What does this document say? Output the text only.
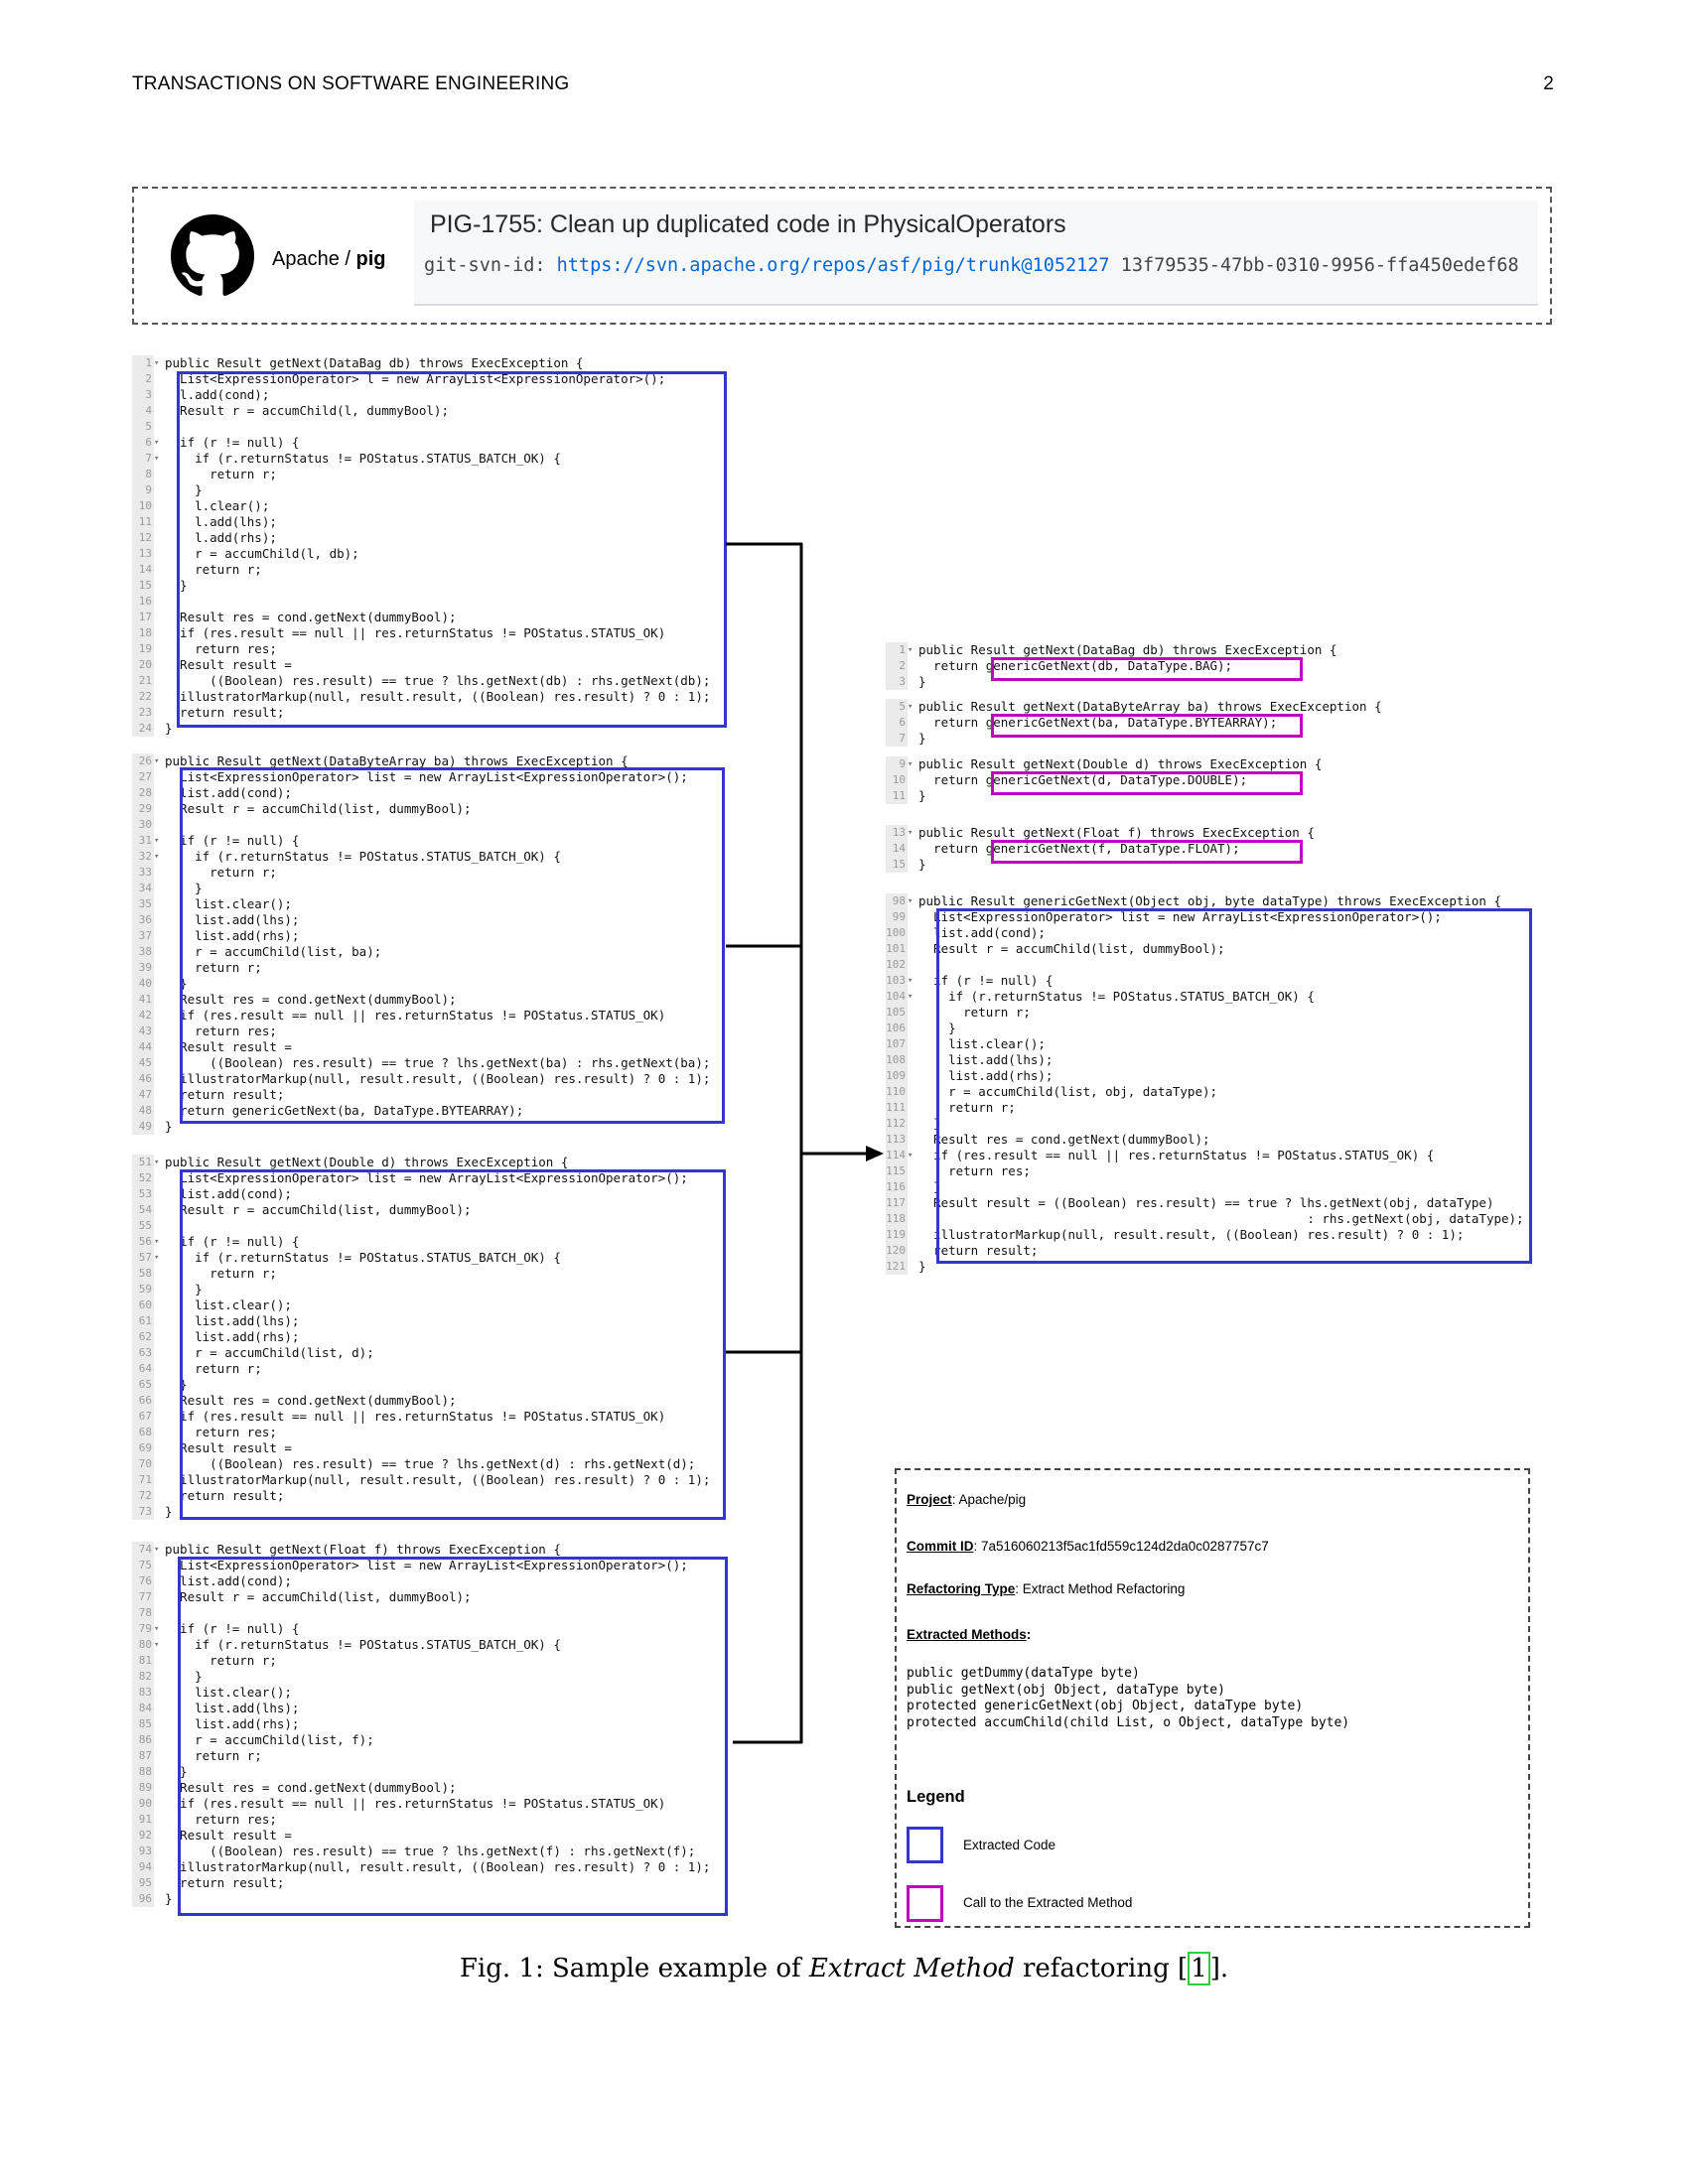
TRANSACTIONS ON SOFTWARE ENGINEERING	2
Apache / pig
PIG-1755: Clean up duplicated code in PhysicalOperators
git-svn-id: https://svn.apache.org/repos/asf/pig/trunk@1052127 13f79535-47bb-0310-9956-ffa450edef68
1 ▾ public Result getNext(DataBag db) throws ExecException {
2 List<ExpressionOperator> l = new ArrayList<ExpressionOperator>();
3 l.add(cond);
4 Result r = accumChild(l, dummyBool);
5
6 ▾ if (r != null) {
7 ▾ if (r.returnStatus != POStatus.STATUS_BATCH_OK) {
8 return r;
9 }
10 l.clear();
11 l.add(lhs);
12 l.add(rhs);
13 r = accumChild(l, db);
14 return r;
15 }
16
17 Result res = cond.getNext(dummyBool);
18 if (res.result == null || res.returnStatus != POStatus.STATUS_OK)
19 return res;
20 Result result =
21 ((Boolean) res.result) == true ? lhs.getNext(db) : rhs.getNext(db);
22 illustratorMarkup(null, result.result, ((Boolean) res.result) ? 0 : 1);
23 return result;
24 }
26 ▾ public Result getNext(DataByteArray ba) throws ExecException {
27 List<ExpressionOperator> list = new ArrayList<ExpressionOperator>();
28 list.add(cond);
29 Result r = accumChild(list, dummyBool);
30
31 ▾ if (r != null) {
32 ▾ if (r.returnStatus != POStatus.STATUS_BATCH_OK) {
33 return r;
34 }
35 list.clear();
36 list.add(lhs);
37 list.add(rhs);
38 r = accumChild(list, ba);
39 return r;
40 }
41 Result res = cond.getNext(dummyBool);
42 if (res.result == null || res.returnStatus != POStatus.STATUS_OK)
43 return res;
44 Result result =
45 ((Boolean) res.result) == true ? lhs.getNext(ba) : rhs.getNext(ba);
46 illustratorMarkup(null, result.result, ((Boolean) res.result) ? 0 : 1);
47 return result;
48 return genericGetNext(ba, DataType.BYTEARRAY);
49 }
51 ▾ public Result getNext(Double d) throws ExecException {
52 List<ExpressionOperator> list = new ArrayList<ExpressionOperator>();
53 list.add(cond);
54 Result r = accumChild(list, dummyBool);
55
56 ▾ if (r != null) {
57 ▾ if (r.returnStatus != POStatus.STATUS_BATCH_OK) {
58 return r;
59 }
60 list.clear();
61 list.add(lhs);
62 list.add(rhs);
63 r = accumChild(list, d);
64 return r;
65 }
66 Result res = cond.getNext(dummyBool);
67 if (res.result == null || res.returnStatus != POStatus.STATUS_OK)
68 return res;
69 Result result =
70 ((Boolean) res.result) == true ? lhs.getNext(d) : rhs.getNext(d);
71 illustratorMarkup(null, result.result, ((Boolean) res.result) ? 0 : 1);
72 return result;
73 }
74 ▾ public Result getNext(Float f) throws ExecException {
75 List<ExpressionOperator> list = new ArrayList<ExpressionOperator>();
76 list.add(cond);
77 Result r = accumChild(list, dummyBool);
78
79 ▾ if (r != null) {
80 ▾ if (r.returnStatus != POStatus.STATUS_BATCH_OK) {
81 return r;
82 }
83 list.clear();
84 list.add(lhs);
85 list.add(rhs);
86 r = accumChild(list, f);
87 return r;
88 }
89 Result res = cond.getNext(dummyBool);
90 if (res.result == null || res.returnStatus != POStatus.STATUS_OK)
91 return res;
92 Result result =
93 ((Boolean) res.result) == true ? lhs.getNext(f) : rhs.getNext(f);
94 illustratorMarkup(null, result.result, ((Boolean) res.result) ? 0 : 1);
95 return result;
96 }
1 ▾ public Result getNext(DataBag db) throws ExecException {
2 return genericGetNext(db, DataType.BAG);
3 }
5 ▾ public Result getNext(DataByteArray ba) throws ExecException {
6 return genericGetNext(ba, DataType.BYTEARRAY);
7 }
9 ▾ public Result getNext(Double d) throws ExecException {
10 return genericGetNext(d, DataType.DOUBLE);
11 }
13 ▾ public Result getNext(Float f) throws ExecException {
14 return genericGetNext(f, DataType.FLOAT);
15 }
98 ▾ public Result genericGetNext(Object obj, byte dataType) throws ExecException {
99 List<ExpressionOperator> list = new ArrayList<ExpressionOperator>();
100 list.add(cond);
101 Result r = accumChild(list, dummyBool);
102
103 ▾ if (r != null) {
104 ▾ if (r.returnStatus != POStatus.STATUS_BATCH_OK) {
105 return r;
106 }
107 list.clear();
108 list.add(lhs);
109 list.add(rhs);
110 r = accumChild(list, obj, dataType);
111 return r;
112 }
113 Result res = cond.getNext(dummyBool);
114 ▾ if (res.result == null || res.returnStatus != POStatus.STATUS_OK) {
115 return res;
116 }
117 Result result = ((Boolean) res.result) == true ? lhs.getNext(obj, dataType)
118 : rhs.getNext(obj, dataType);
119 illustratorMarkup(null, result.result, ((Boolean) res.result) ? 0 : 1);
120 return result;
121 }
Project: Apache/pig
Commit ID: 7a516060213f5ac1fd559c124d2da0c0287757c7
Refactoring Type: Extract Method Refactoring
Extracted Methods:
public getDummy(dataType byte)
public getNext(obj Object, dataType byte)
protected genericGetNext(obj Object, dataType byte)
protected accumChild(child List, o Object, dataType byte)
Legend
Extracted Code
Call to the Extracted Method
Fig. 1: Sample example of Extract Method refactoring [ 1 ].
